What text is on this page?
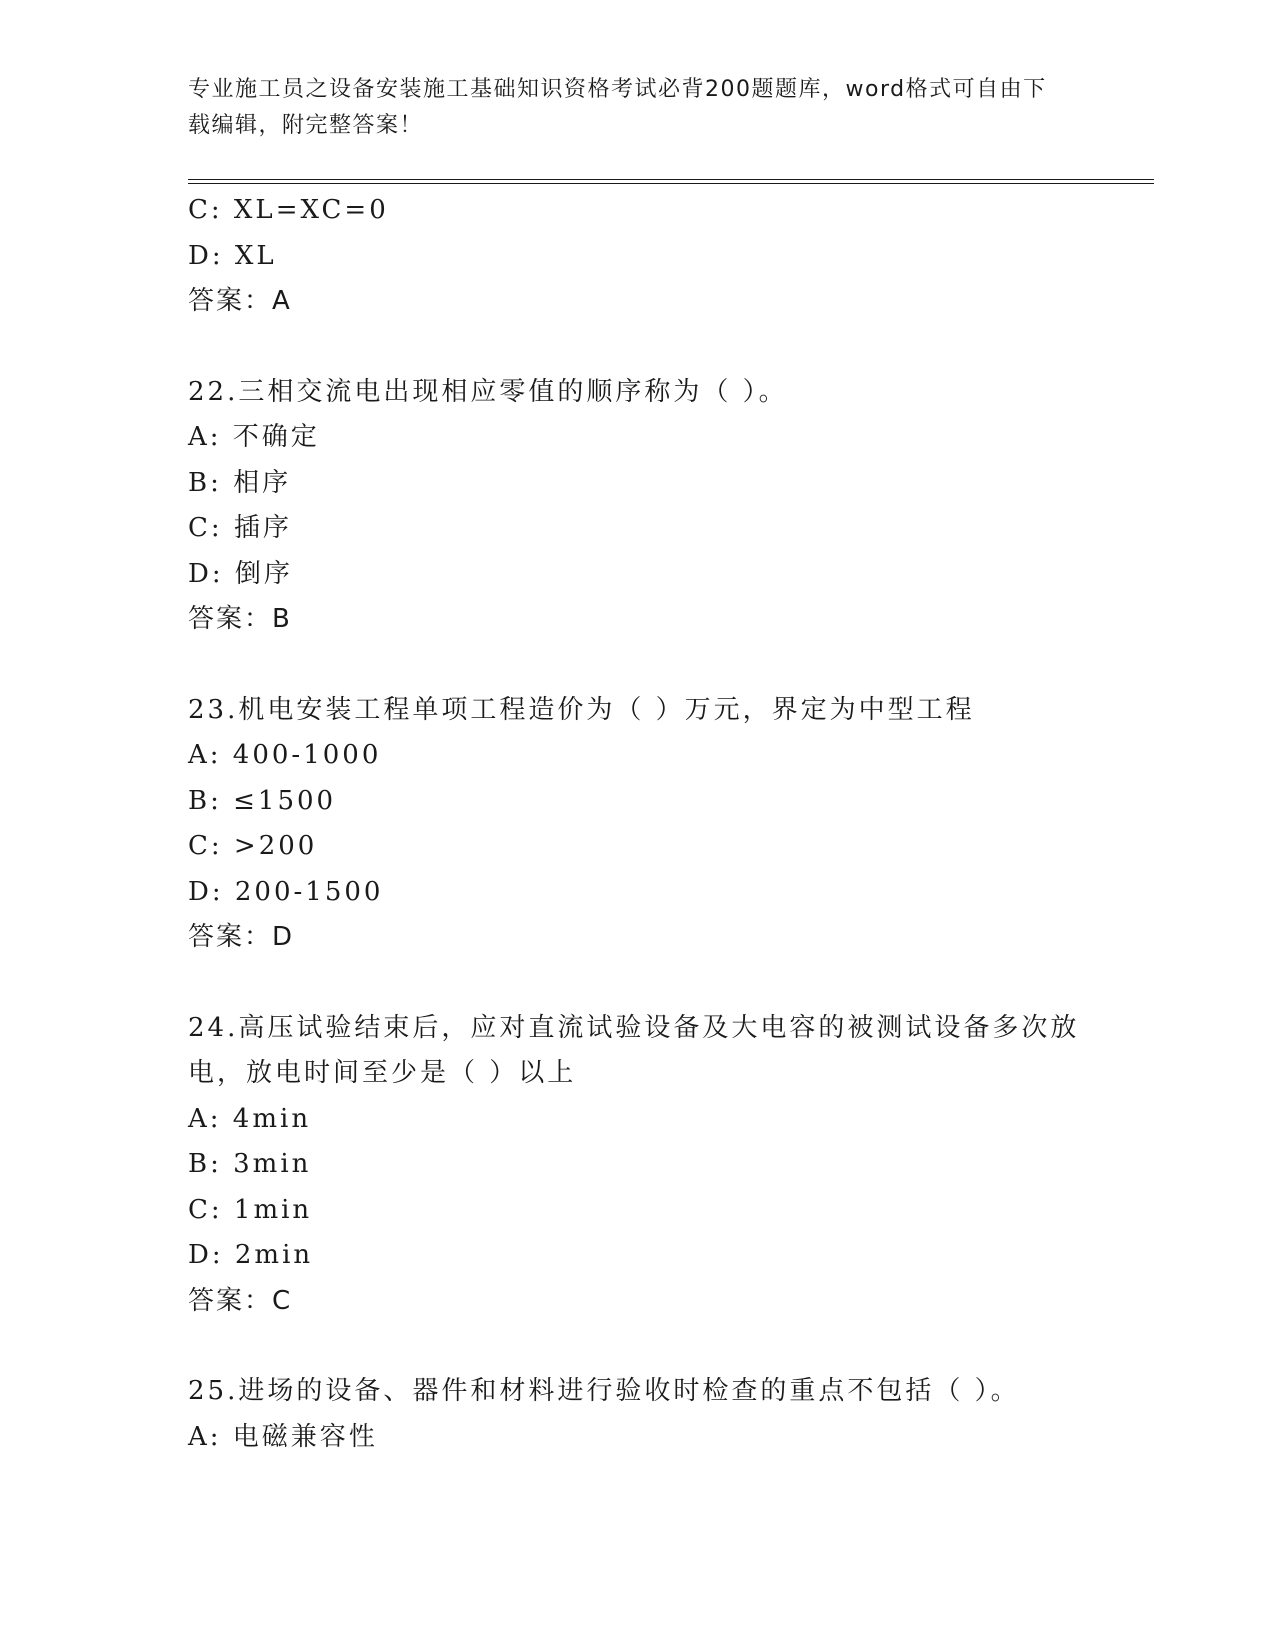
专业施工员之设备安装施工基础知识资格考试必背200题题库，word格式可自由下载编辑，附完整答案！
C: XL=XC=0
D: XL
答案：A
22.三相交流电出现相应零值的顺序称为（ ）。
A: 不确定
B: 相序
C: 插序
D: 倒序
答案：B
23.机电安装工程单项工程造价为（ ）万元，界定为中型工程
A: 400-1000
B: ≤1500
C: >200
D: 200-1500
答案：D
24.高压试验结束后，应对直流试验设备及大电容的被测试设备多次放电，放电时间至少是（ ）以上
A: 4min
B: 3min
C: 1min
D: 2min
答案：C
25.进场的设备、器件和材料进行验收时检查的重点不包括（ ）。
A: 电磁兼容性
